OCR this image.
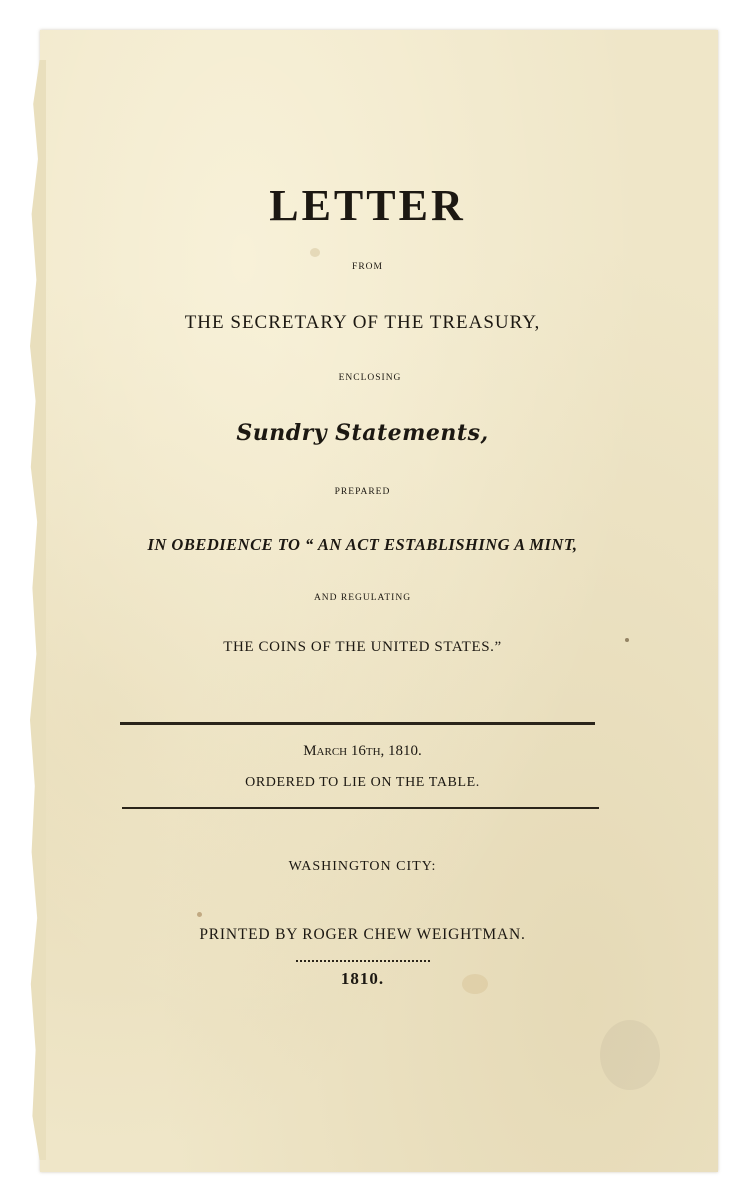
LETTER
FROM
THE SECRETARY OF THE TREASURY,
ENCLOSING
Sundry Statements,
PREPARED
IN OBEDIENCE TO “ AN ACT ESTABLISHING A MINT,
AND REGULATING
THE COINS OF THE UNITED STATES.”
March 16th, 1810.
ORDERED TO LIE ON THE TABLE.
WASHINGTON CITY:
PRINTED BY ROGER CHEW WEIGHTMAN.
1810.
